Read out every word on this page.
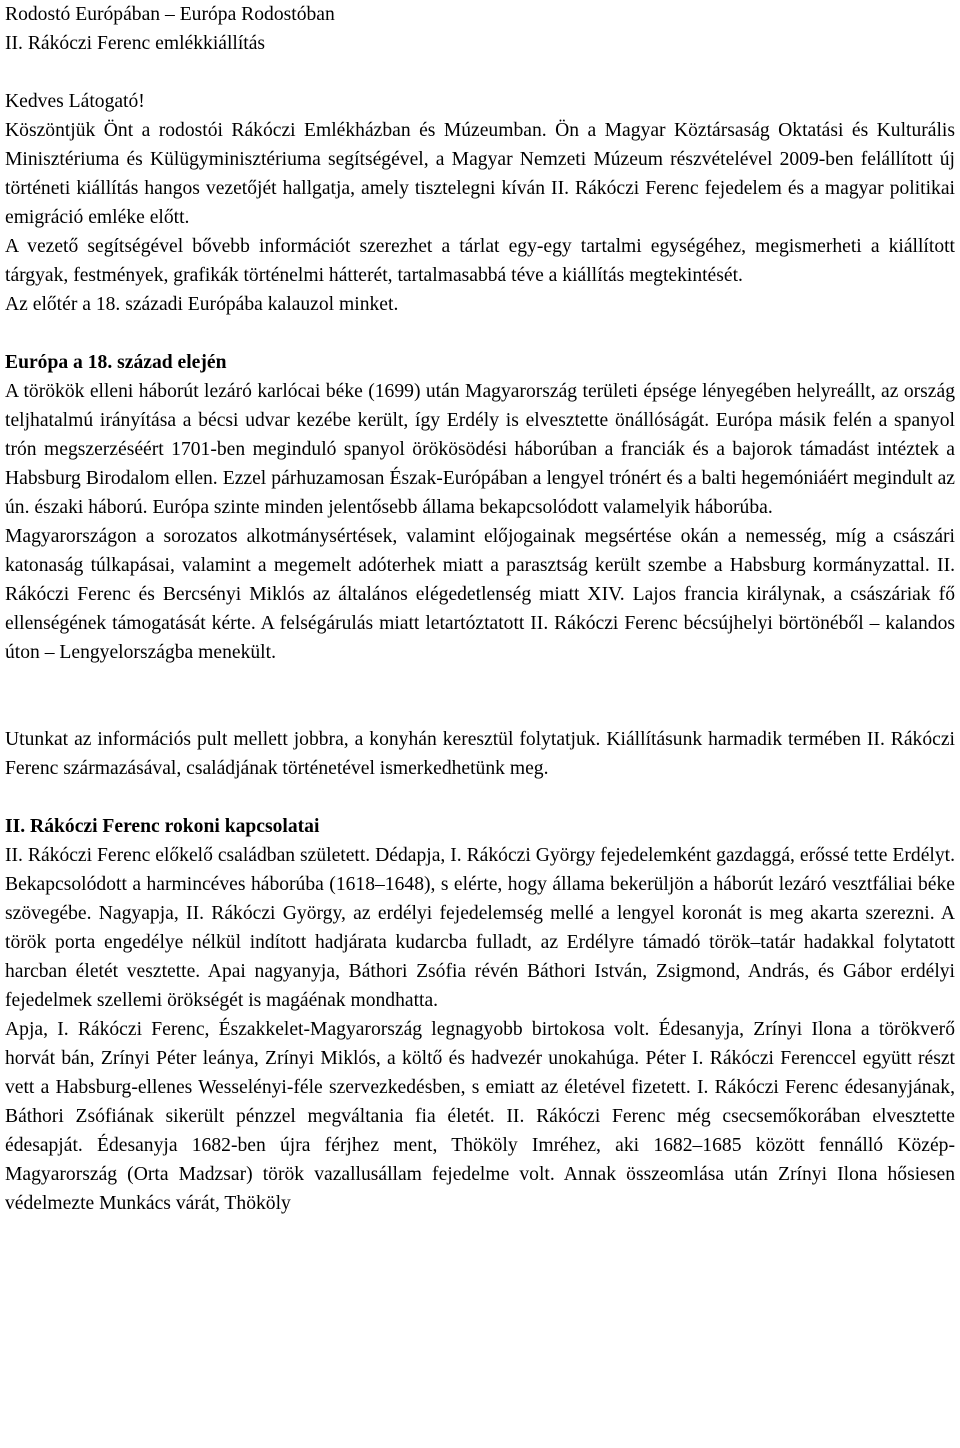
Rodostó Európában – Európa Rodostóban
II. Rákóczi Ferenc emlékkiállítás
Kedves Látogató!

Köszöntjük Önt a rodostói Rákóczi Emlékházban és Múzeumban. Ön a Magyar Köztársaság Oktatási és Kulturális Minisztériuma és Külügyminisztériuma segítségével, a Magyar Nemzeti Múzeum részvételével 2009-ben felállított új történeti kiállítás hangos vezetőjét hallgatja, amely tisztelegni kíván II. Rákóczi Ferenc fejedelem és a magyar politikai emigráció emléke előtt.

A vezető segítségével bővebb információt szerezhet a tárlat egy-egy tartalmi egységéhez, megismerheti a kiállított tárgyak, festmények, grafikák történelmi hátterét, tartalmasabbá téve a kiállítás megtekintését.

Az előtér a 18. századi Európába kalauzol minket.

Európa a 18. század elején

A törökök elleni háborút lezáró karlócai béke (1699) után Magyarország területi épsége lényegében helyreállt, az ország teljhatalmú irányítása a bécsi udvar kezébe került, így Erdély is elvesztette önállóságát. Európa másik felén a spanyol trón megszerzéséért 1701-ben meginduló spanyol örökösödési háborúban a franciák és a bajorok támadást intéztek a Habsburg Birodalom ellen. Ezzel párhuzamosan Észak-Európában a lengyel trónért és a balti hegemóniáért megindult az ún. északi háború. Európa szinte minden jelentősebb állama bekapcsolódott valamelyik háborúba.

Magyarországon a sorozatos alkotmánysértések, valamint előjogainak megsértése okán a nemesség, míg a császári katonaság túlkapásai, valamint a megemelt adóterhek miatt a parasztság került szembe a Habsburg kormányzattal. II. Rákóczi Ferenc és Bercsényi Miklós az általános elégedetlenség miatt XIV. Lajos francia királynak, a császáriak fő ellenségének támogatását kérte. A felségárulás miatt letartóztatott II. Rákóczi Ferenc bécsújhelyi börtönéből – kalandos úton – Lengyelországba menekült.

Utunkat az információs pult mellett jobbra, a konyhán keresztül folytatjuk. Kiállításunk harmadik termében II. Rákóczi Ferenc származásával, családjának történetével ismerkedhetünk meg.

II. Rákóczi Ferenc rokoni kapcsolatai

II. Rákóczi Ferenc előkelő családban született. Dédapja, I. Rákóczi György fejedelemként gazdaggá, erőssé tette Erdélyt. Bekapcsolódott a harmincéves háborúba (1618–1648), s elérte, hogy állama bekerüljön a háborút lezáró vesztfáliai béke szövegébe. Nagyapja, II. Rákóczi György, az erdélyi fejedelemség mellé a lengyel koronát is meg akarta szerezni. A török porta engedélye nélkül indított hadjárata kudarcba fulladt, az Erdélyre támadó török–tatár hadakkal folytatott harcban életét vesztette. Apai nagyanyja, Báthori Zsófia révén Báthori István, Zsigmond, András, és Gábor erdélyi fejedelmek szellemi örökségét is magáénak mondhatta.

Apja, I. Rákóczi Ferenc, Északkelet-Magyarország legnagyobb birtokosa volt. Édesanyja, Zrínyi Ilona a törökverő horvát bán, Zrínyi Péter leánya, Zrínyi Miklós, a költő és hadvezér unokahúga. Péter I. Rákóczi Ferenccel együtt részt vett a Habsburg-ellenes Wesselényi-féle szervezkedésben, s emiatt az életével fizetett. I. Rákóczi Ferenc édesanyjának, Báthori Zsófiának sikerült pénzzel megváltania fia életét. II. Rákóczi Ferenc még csecsemőkorában elvesztette édesapját. Édesanyja 1682-ben újra férjhez ment, Thököly Imréhez, aki 1682–1685 között fennálló Közép-Magyarország (Orta Madzsar) török vazallusállam fejedelme volt. Annak összeomlása után Zrínyi Ilona hősiesen védelmezte Munkács várát, Thököly
